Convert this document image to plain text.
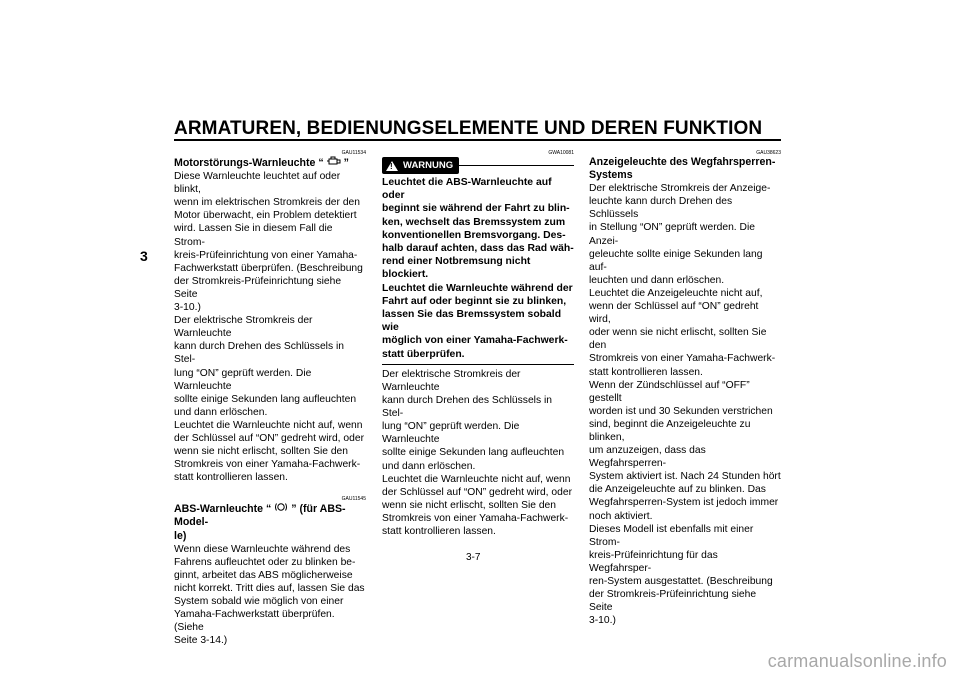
ARMATUREN, BEDIENUNGSELEMENTE UND DEREN FUNKTION
3
GAU11534
Motorstörungs-Warnleuchte “ ”
Diese Warnleuchte leuchtet auf oder blinkt,
wenn im elektrischen Stromkreis der den
Motor überwacht, ein Problem detektiert
wird. Lassen Sie in diesem Fall die Strom-
kreis-Prüfeinrichtung von einer Yamaha-
Fachwerkstatt überprüfen. (Beschreibung
der Stromkreis-Prüfeinrichtung siehe Seite
3-10.)
Der elektrische Stromkreis der Warnleuchte
kann durch Drehen des Schlüssels in Stel-
lung “ON” geprüft werden. Die Warnleuchte
sollte einige Sekunden lang aufleuchten
und dann erlöschen.
Leuchtet die Warnleuchte nicht auf, wenn
der Schlüssel auf “ON” gedreht wird, oder
wenn sie nicht erlischt, sollten Sie den
Stromkreis von einer Yamaha-Fachwerk-
statt kontrollieren lassen.
GAU11545
ABS-Warnleuchte “ ” (für ABS-Model-
le)
Wenn diese Warnleuchte während des
Fahrens aufleuchtet oder zu blinken be-
ginnt, arbeitet das ABS möglicherweise
nicht korrekt. Tritt dies auf, lassen Sie das
System sobald wie möglich von einer
Yamaha-Fachwerkstatt überprüfen. (Siehe
Seite 3-14.)
GWA10081
! WARNUNG
Leuchtet die ABS-Warnleuchte auf oder
beginnt sie während der Fahrt zu blin-
ken, wechselt das Bremssystem zum
konventionellen Bremsvorgang. Des-
halb darauf achten, dass das Rad wäh-
rend einer Notbremsung nicht blockiert.
Leuchtet die Warnleuchte während der
Fahrt auf oder beginnt sie zu blinken,
lassen Sie das Bremssystem sobald wie
möglich von einer Yamaha-Fachwerk-
statt überprüfen.
Der elektrische Stromkreis der Warnleuchte
kann durch Drehen des Schlüssels in Stel-
lung “ON” geprüft werden. Die Warnleuchte
sollte einige Sekunden lang aufleuchten
und dann erlöschen.
Leuchtet die Warnleuchte nicht auf, wenn
der Schlüssel auf “ON” gedreht wird, oder
wenn sie nicht erlischt, sollten Sie den
Stromkreis von einer Yamaha-Fachwerk-
statt kontrollieren lassen.
GAU38623
Anzeigeleuchte des Wegfahrsperren-
Systems
Der elektrische Stromkreis der Anzeige-
leuchte kann durch Drehen des Schlüssels
in Stellung “ON” geprüft werden. Die Anzei-
geleuchte sollte einige Sekunden lang auf-
leuchten und dann erlöschen.
Leuchtet die Anzeigeleuchte nicht auf,
wenn der Schlüssel auf “ON” gedreht wird,
oder wenn sie nicht erlischt, sollten Sie den
Stromkreis von einer Yamaha-Fachwerk-
statt kontrollieren lassen.
Wenn der Zündschlüssel auf “OFF” gestellt
worden ist und 30 Sekunden verstrichen
sind, beginnt die Anzeigeleuchte zu blinken,
um anzuzeigen, dass das Wegfahrsperren-
System aktiviert ist. Nach 24 Stunden hört
die Anzeigeleuchte auf zu blinken. Das
Wegfahrsperren-System ist jedoch immer
noch aktiviert.
Dieses Modell ist ebenfalls mit einer Strom-
kreis-Prüfeinrichtung für das Wegfahrsper-
ren-System ausgestattet. (Beschreibung
der Stromkreis-Prüfeinrichtung siehe Seite
3-10.)
3-7
carmanualsonline.info
